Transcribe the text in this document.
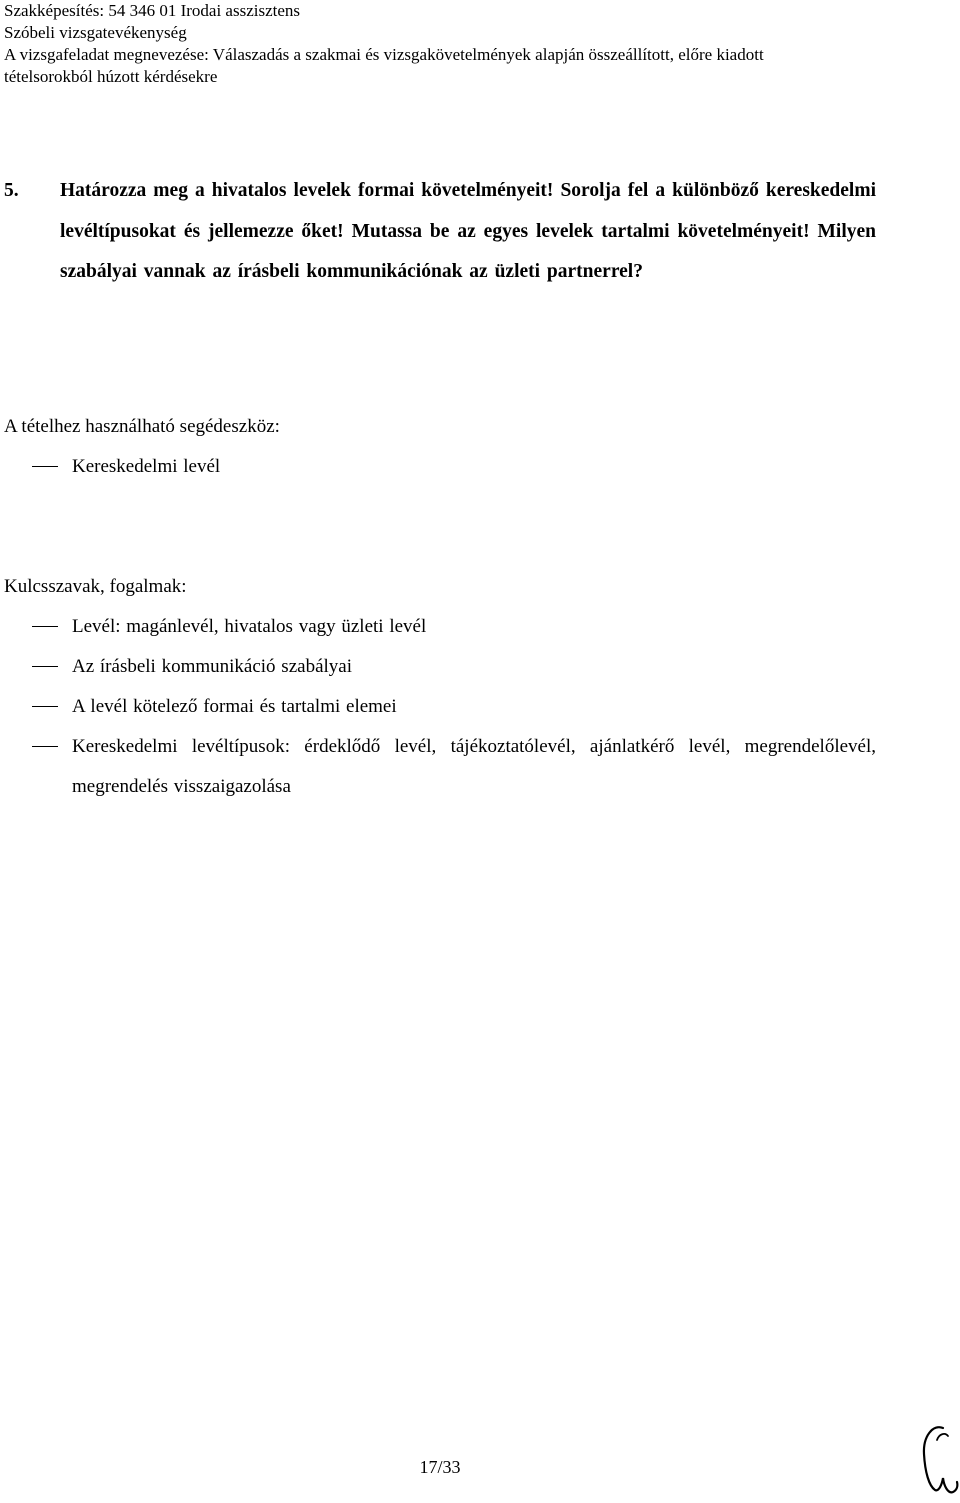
Szakképesítés: 54 346 01 Irodai asszisztens
Szóbeli vizsgatevékenység
A vizsgafeladat megnevezése: Válaszadás a szakmai és vizsgakövetelmények alapján összeállított, előre kiadott
tételsorokból húzott kérdésekre
5. Határozza meg a hivatalos levelek formai követelményeit! Sorolja fel a különböző kereskedelmi levéltípusokat és jellemezze őket! Mutassa be az egyes levelek tartalmi követelményeit! Milyen szabályai vannak az írásbeli kommunikációnak az üzleti partnerrel?
A tételhez használható segédeszköz:
Kereskedelmi levél
Kulcsszavak, fogalmak:
Levél: magánlevél, hivatalos vagy üzleti levél
Az írásbeli kommunikáció szabályai
A levél kötelező formai és tartalmi elemei
Kereskedelmi levéltípusok: érdeklődő levél, tájékoztatólevél, ajánlatkérő levél, megrendelőlevél, megrendelés visszaigazolása
17/33
